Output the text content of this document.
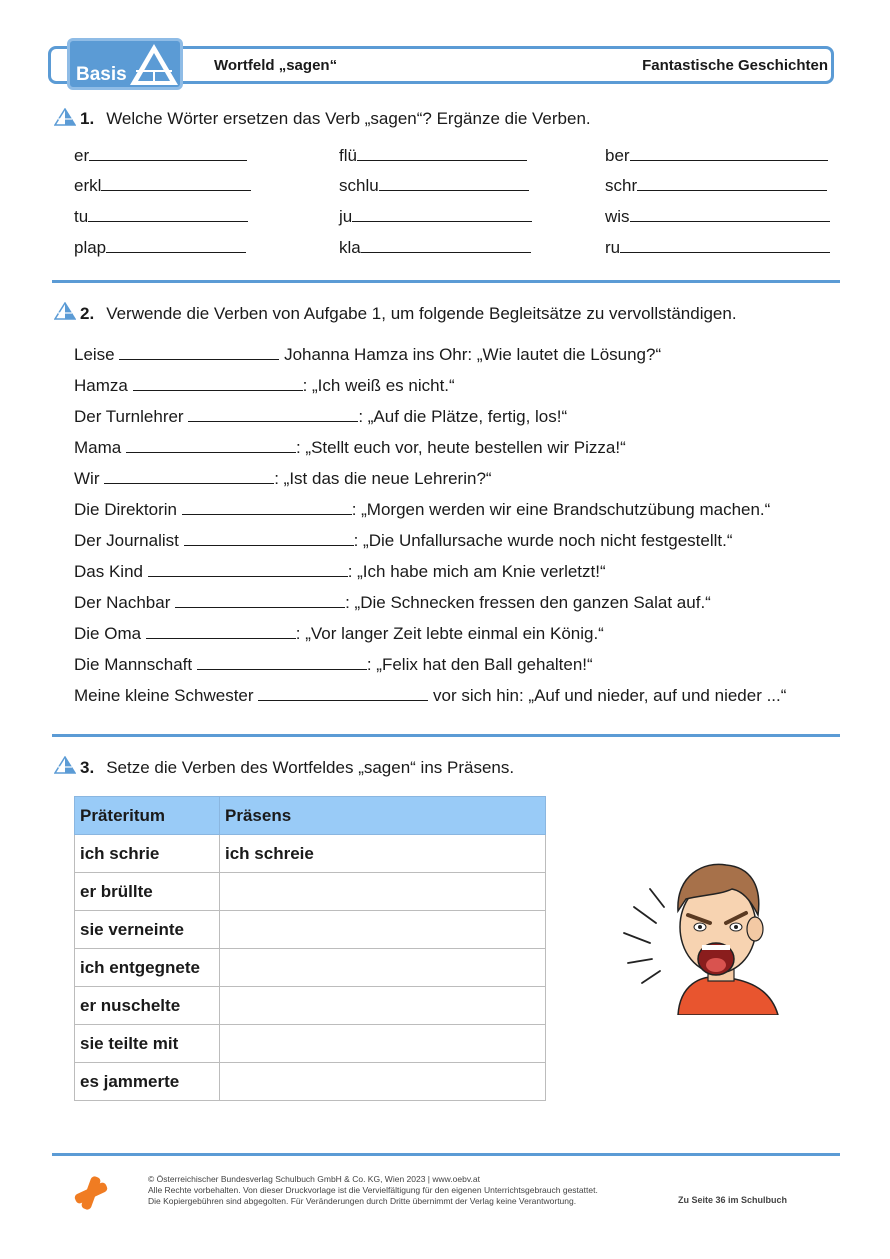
Basis	Wortfeld „sagen“	Fantastische Geschichten
1. Welche Wörter ersetzen das Verb „sagen“? Ergänze die Verben.
er	flü	ber
erkl	schlu	schr
tu	ju	wis
plap	kla	ru
2. Verwende die Verben von Aufgabe 1, um folgende Begleitsätze zu vervollständigen.
Leise	Johanna Hamza ins Ohr: „Wie lautet die Lösung?“
Hamza	: „Ich weiß es nicht.“
Der Turnlehrer	: „Auf die Plätze, fertig, los!“
Mama	: „Stellt euch vor, heute bestellen wir Pizza!“
Wir	: „Ist das die neue Lehrerin?“
Die Direktorin	: „Morgen werden wir eine Brandschutzübung machen.“
Der Journalist	: „Die Unfallursache wurde noch nicht festgestellt.“
Das Kind	: „Ich habe mich am Knie verletzt!“
Der Nachbar	: „Die Schnecken fressen den ganzen Salat auf.“
Die Oma	: „Vor langer Zeit lebte einmal ein König.“
Die Mannschaft	: „Felix hat den Ball gehalten!“
Meine kleine Schwester	vor sich hin: „Auf und nieder, auf und nieder ...“
3. Setze die Verben des Wortfeldes „sagen“ ins Präsens.
Präteritum	Präsens
ich schrie	ich schreie
er brüllte	
sie verneinte	
ich entgegnete	
er nuschelte	
sie teilte mit	
es jammerte	
© Österreichischer Bundesverlag Schulbuch GmbH & Co. KG, Wien 2023 | www.oebv.at
Alle Rechte vorbehalten. Von dieser Druckvorlage ist die Vervielfältigung für den eigenen Unterrichtsgebrauch gestattet.
Die Kopiergebühren sind abgegolten. Für Veränderungen durch Dritte übernimmt der Verlag keine Verantwortung.	Zu Seite 36 im Schulbuch
